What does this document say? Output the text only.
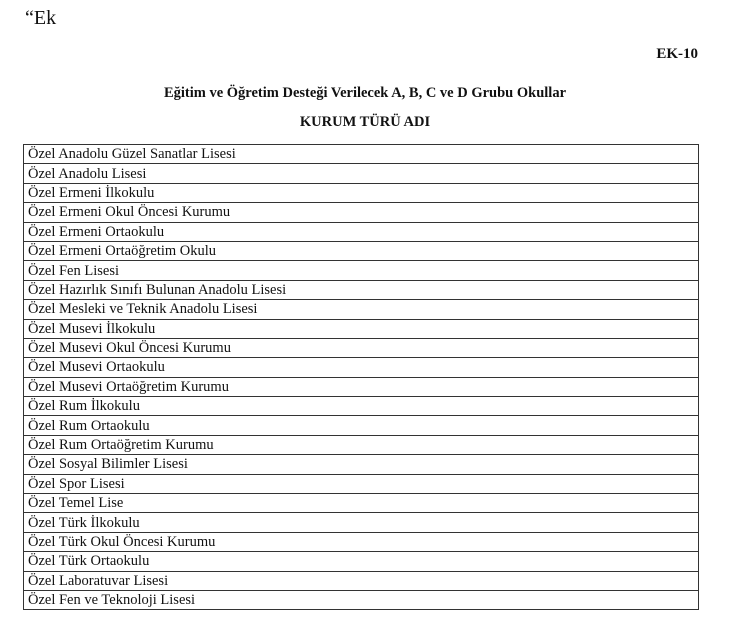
“Ek
EK-10
Eğitim ve Öğretim Desteği Verilecek A, B, C ve D Grubu Okullar
KURUM TÜRÜ ADI
Özel Anadolu Güzel Sanatlar Lisesi
Özel Anadolu Lisesi
Özel Ermeni İlkokulu
Özel Ermeni Okul Öncesi Kurumu
Özel Ermeni Ortaokulu
Özel Ermeni Ortaöğretim Okulu
Özel Fen Lisesi
Özel Hazırlık Sınıfı Bulunan Anadolu Lisesi
Özel Mesleki ve Teknik Anadolu Lisesi
Özel Musevi İlkokulu
Özel Musevi Okul Öncesi Kurumu
Özel Musevi Ortaokulu
Özel Musevi Ortaöğretim Kurumu
Özel Rum İlkokulu
Özel Rum Ortaokulu
Özel Rum Ortaöğretim Kurumu
Özel Sosyal Bilimler Lisesi
Özel Spor Lisesi
Özel Temel Lise
Özel Türk İlkokulu
Özel Türk Okul Öncesi Kurumu
Özel Türk Ortaokulu
Özel Laboratuvar Lisesi
Özel Fen ve Teknoloji Lisesi
